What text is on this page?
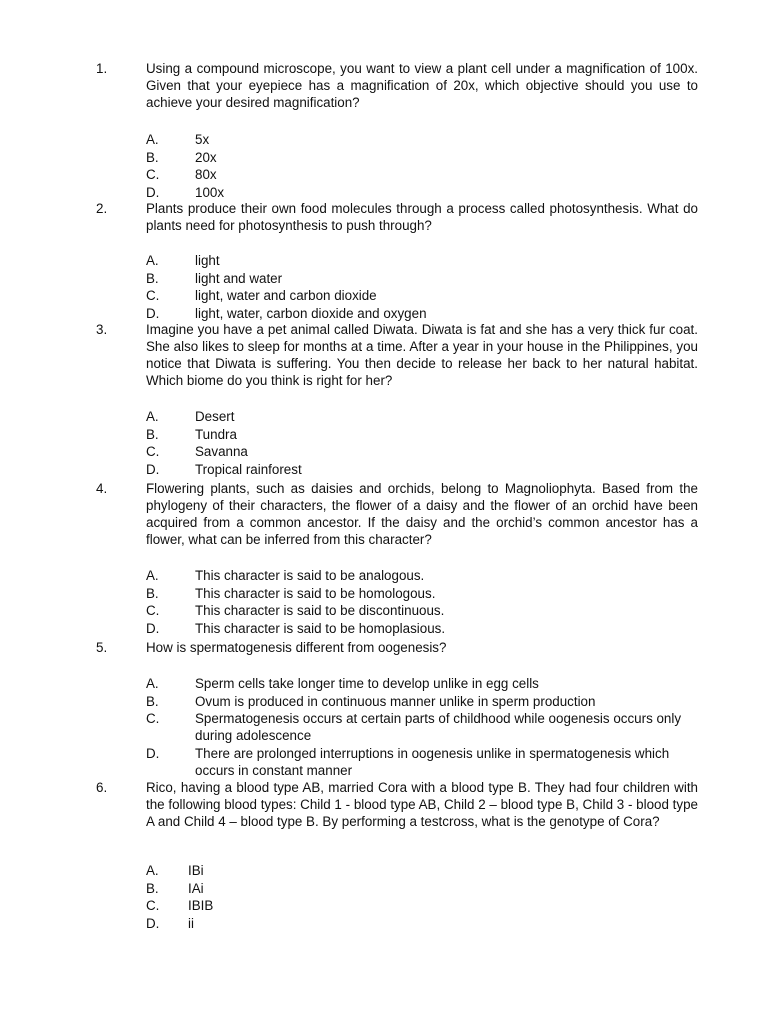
1.	Using a compound microscope, you want to view a plant cell under a magnification of 100x. Given that your eyepiece has a magnification of 20x, which objective should you use to achieve your desired magnification?
A.	5x
B.	20x
C.	80x
D.	100x
2.	Plants produce their own food molecules through a process called photosynthesis. What do plants need for photosynthesis to push through?
A.	light
B.	light and water
C.	light, water and carbon dioxide
D.	light, water, carbon dioxide and oxygen
3.	Imagine you have a pet animal called Diwata. Diwata is fat and she has a very thick fur coat. She also likes to sleep for months at a time. After a year in your house in the Philippines, you notice that Diwata is suffering. You then decide to release her back to her natural habitat. Which biome do you think is right for her?
A.	Desert
B.	Tundra
C.	Savanna
D.	Tropical rainforest
4.	Flowering plants, such as daisies and orchids, belong to Magnoliophyta. Based from the phylogeny of their characters, the flower of a daisy and the flower of an orchid have been acquired from a common ancestor. If the daisy and the orchid’s common ancestor has a flower, what can be inferred from this character?
A.	This character is said to be analogous.
B.	This character is said to be homologous.
C.	This character is said to be discontinuous.
D.	This character is said to be homoplasious.
5.	How is spermatogenesis different from oogenesis?
A.	Sperm cells take longer time to develop unlike in egg cells
B.	Ovum is produced in continuous manner unlike in sperm production
C.	Spermatogenesis occurs at certain parts of childhood while oogenesis occurs only during adolescence
D.	There are prolonged interruptions in oogenesis unlike in spermatogenesis which occurs in constant manner
6.	Rico, having a blood type AB, married Cora with a blood type B. They had four children with the following blood types: Child 1 - blood type AB, Child 2 – blood type B, Child 3 - blood type A and Child 4 – blood type B. By performing a testcross, what is the genotype of Cora?
A. IBi
B. IAi
C. IBIB
D. ii
